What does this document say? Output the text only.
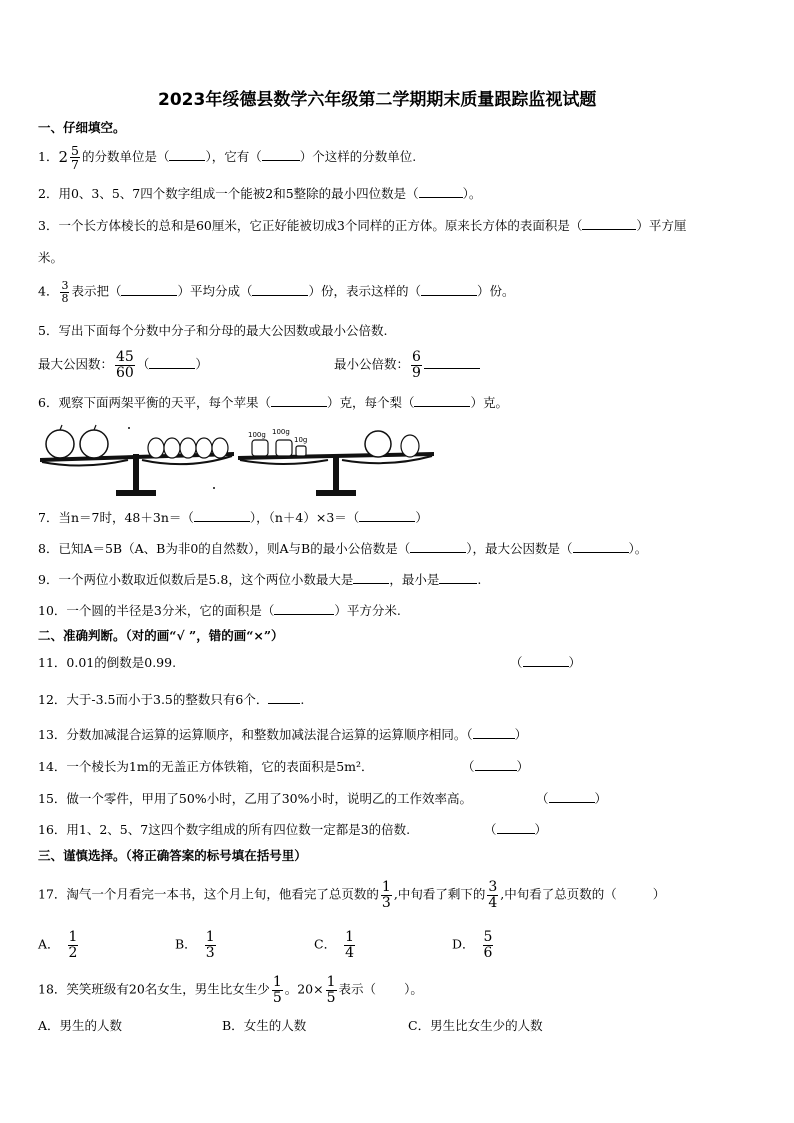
2023年绥德县数学六年级第二学期期末质量跟踪监视试题
一、仔细填空。
1．$2 \frac{5}{7}$ 的分数单位是（	），它有（	）个这样的分数单位.
2．用0、3、5、7四个数字组成一个能被2和5整除的最小四位数是（	）。
3．一个长方体棱长的总和是60厘米，它正好能被切成3个同样的正方体。原来长方体的表面积是（	）平方厘
米。
4． $\frac{3}{8}$ 表示把（	）平均分成（	）份，表示这样的（	）份。
5．写出下面每个分数中分子和分母的最大公因数或最小公倍数.
最大公因数： $\frac{45}{60}$ （	）	最小公倍数： $\frac{6}{9}$
6．观察下面两架平衡的天平，每个苹果（	）克，每个梨（	）克。
100g 100g
10g
7．当n＝7时，48＋3n＝（	），（n＋4）×3＝（	）
8．已知A＝5B（A、B为非0的自然数），则A与B的最小公倍数是（	），最大公因数是（	）。
9．一个两位小数取近似数后是5.8，这个两位小数最大是	，最小是	.
10．一个圆的半径是3分米，它的面积是（	）平方分米.
二、准确判断。（对的画“√ ”，错的画“×”）
11．0.01的倒数是0.99.	（	）
12．大于-3.5而小于3.5的整数只有6个．	.
13．分数加减混合运算的运算顺序，和整数加减法混合运算的运算顺序相同。（	）
14．一个棱长为1m的无盖正方体铁箱，它的表面积是5m²．	（	）
15．做一个零件，甲用了50%小时，乙用了30%小时，说明乙的工作效率高。	（	）
16．用1、2、5、7这四个数字组成的所有四位数一定都是3的倍数.	（	）
三、谨慎选择。（将正确答案的标号填在括号里）
17．淘气一个月看完一本书，这个月上旬，他看完了总页数的 $\frac{1}{3}$ ,中旬看了剩下的 $\frac{3}{4}$ ,中旬看了总页数的（	）
A． $\frac{1}{2}$	B． $\frac{1}{3}$	C． $\frac{1}{4}$	D． $\frac{5}{6}$
18．笑笑班级有20名女生，男生比女生少 $\frac{1}{5}$ 。$20\times \frac{1}{5}$ 表示（ ）。
A．男生的人数	B．女生的人数	C．男生比女生少的人数
